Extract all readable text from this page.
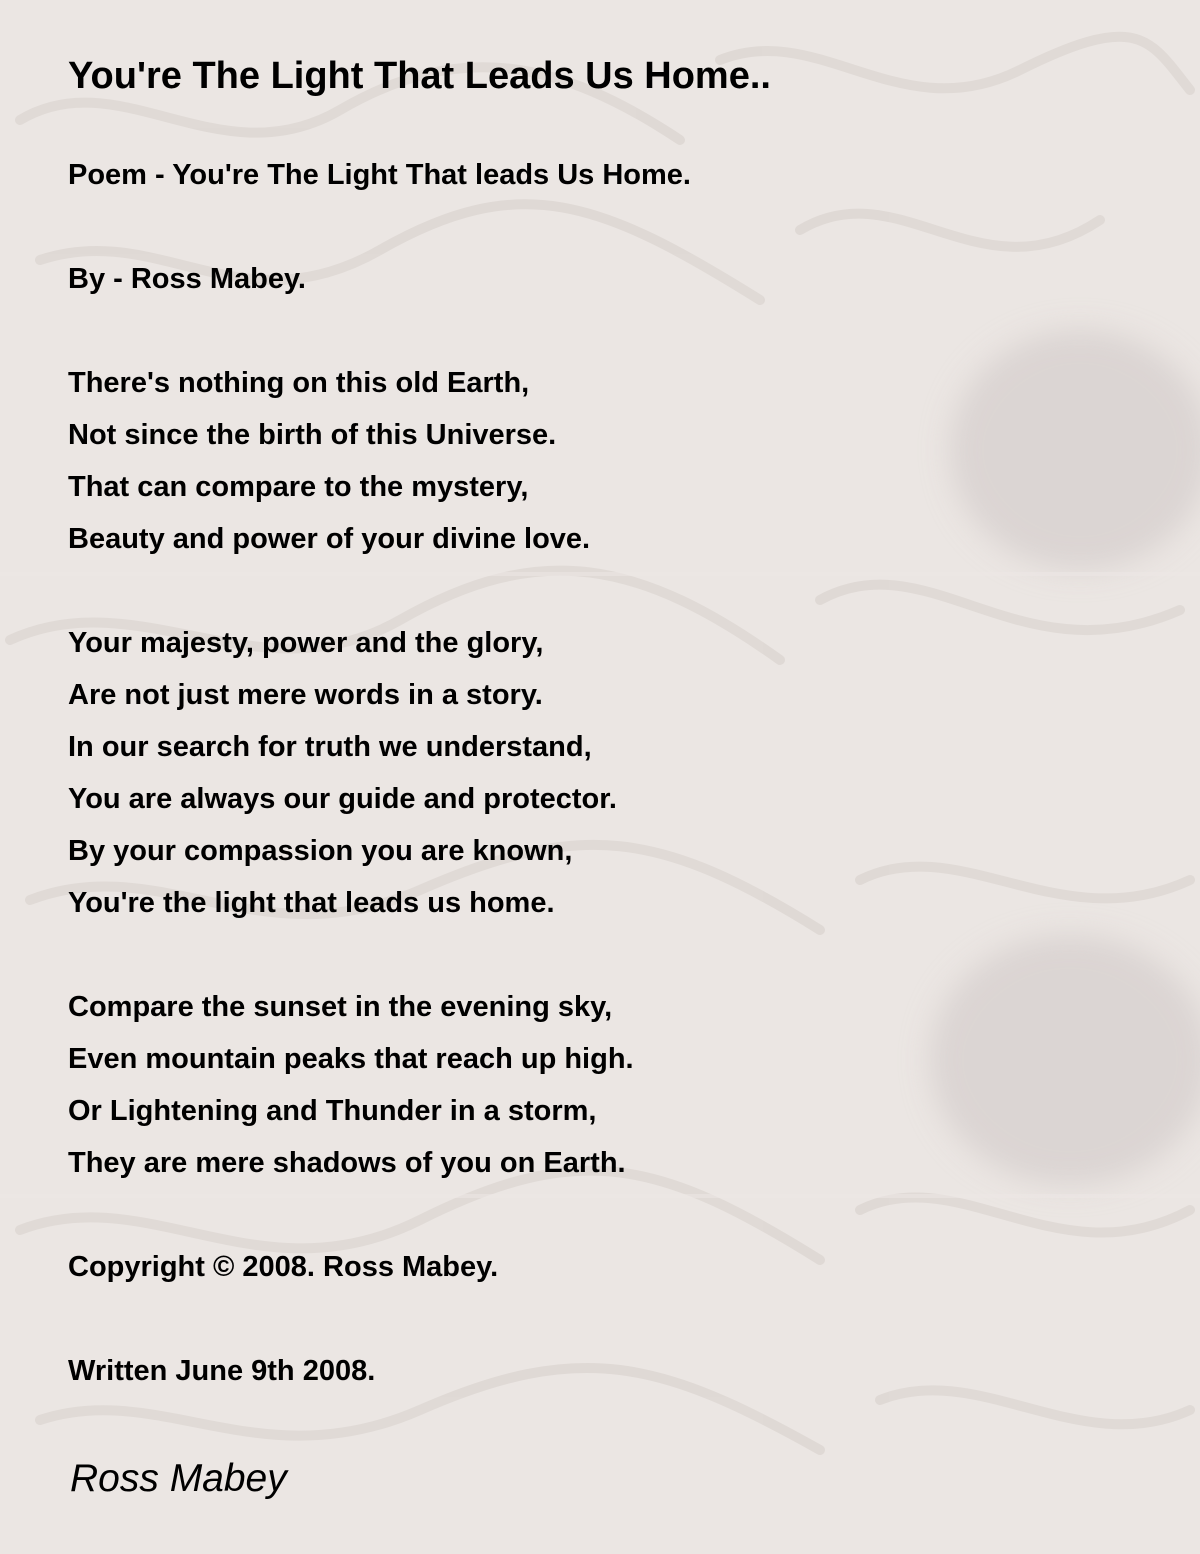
You're The Light That Leads Us Home..

Poem - You're The Light That leads Us Home.

By - Ross Mabey.

There's nothing on this old Earth,

Not since the birth of this Universe.

That can compare to the mystery,

Beauty and power of your divine love.

Your majesty, power and the glory,

Are not just mere words in a story.

In our search for truth we understand,

You are always our guide and protector.

By your compassion you are known,

You're the light that leads us home.

Compare the sunset in the evening sky,

Even mountain peaks that reach up high.

Or Lightening and Thunder in a storm,

They are mere shadows of you on Earth.

Copyright © 2008. Ross Mabey.

Written June 9th 2008.

Ross Mabey
